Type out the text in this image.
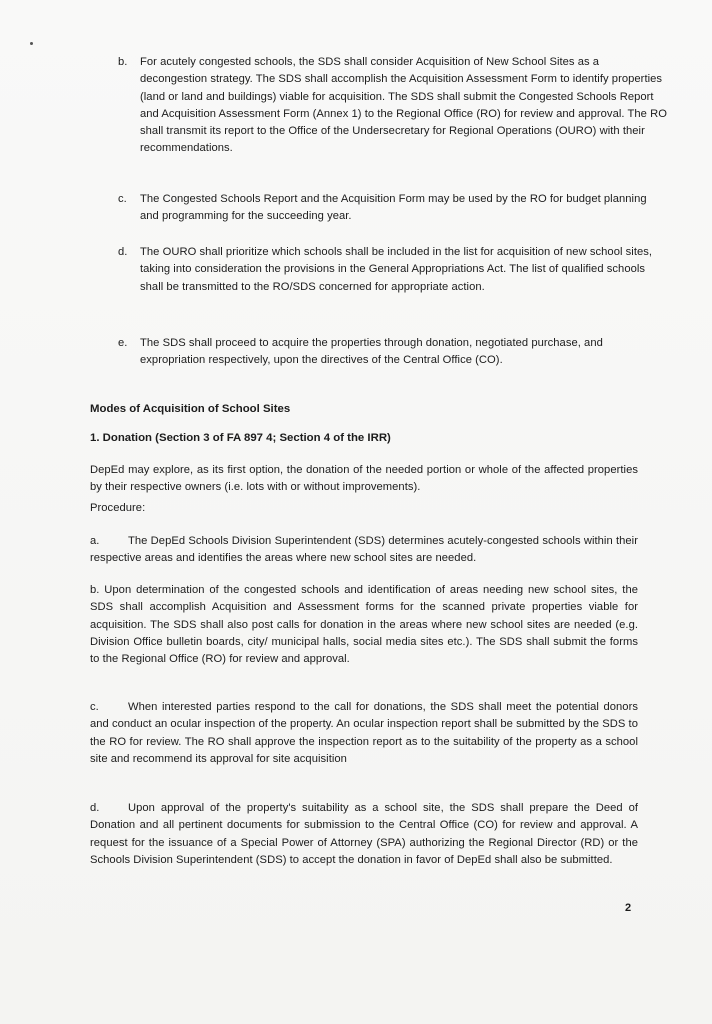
b. For acutely congested schools, the SDS shall consider Acquisition of New School Sites as a decongestion strategy. The SDS shall accomplish the Acquisition Assessment Form to identify properties (land or land and buildings) viable for acquisition. The SDS shall submit the Congested Schools Report and Acquisition Assessment Form (Annex 1) to the Regional Office (RO) for review and approval. The RO shall transmit its report to the Office of the Undersecretary for Regional Operations (OURO) with their recommendations.

c. The Congested Schools Report and the Acquisition Form may be used by the RO for budget planning and programming for the succeeding year.

d. The OURO shall prioritize which schools shall be included in the list for acquisition of new school sites, taking into consideration the provisions in the General Appropriations Act. The list of qualified schools shall be transmitted to the RO/SDS concerned for appropriate action.

e. The SDS shall proceed to acquire the properties through donation, negotiated purchase, and expropriation respectively, upon the directives of the Central Office (CO).

Modes of Acquisition of School Sites

1. Donation (Section 3 of FA 897 4; Section 4 of the IRR)

DepEd may explore, as its first option, the donation of the needed portion or whole of the affected properties by their respective owners (i.e. lots with or without improvements).

Procedure:

a.	The DepEd Schools Division Superintendent (SDS) determines acutely-congested schools within their respective areas and identifies the areas where new school sites are needed.

b. Upon determination of the congested schools and identification of areas needing new school sites, the SDS shall accomplish Acquisition and Assessment forms for the scanned private properties viable for acquisition. The SDS shall also post calls for donation in the areas where new school sites are needed (e.g. Division Office bulletin boards, city/ municipal halls, social media sites etc.). The SDS shall submit the forms to the Regional Office (RO) for review and approval.

c.	When interested parties respond to the call for donations, the SDS shall meet the potential donors and conduct an ocular inspection of the property. An ocular inspection report shall be submitted by the SDS to the RO for review. The RO shall approve the inspection report as to the suitability of the property as a school site and recommend its approval for site acquisition

d.	Upon approval of the property's suitability as a school site, the SDS shall prepare the Deed of Donation and all pertinent documents for submission to the Central Office (CO) for review and approval. A request for the issuance of a Special Power of Attorney (SPA) authorizing the Regional Director (RD) or the Schools Division Superintendent (SDS) to accept the donation in favor of DepEd shall also be submitted.

2
